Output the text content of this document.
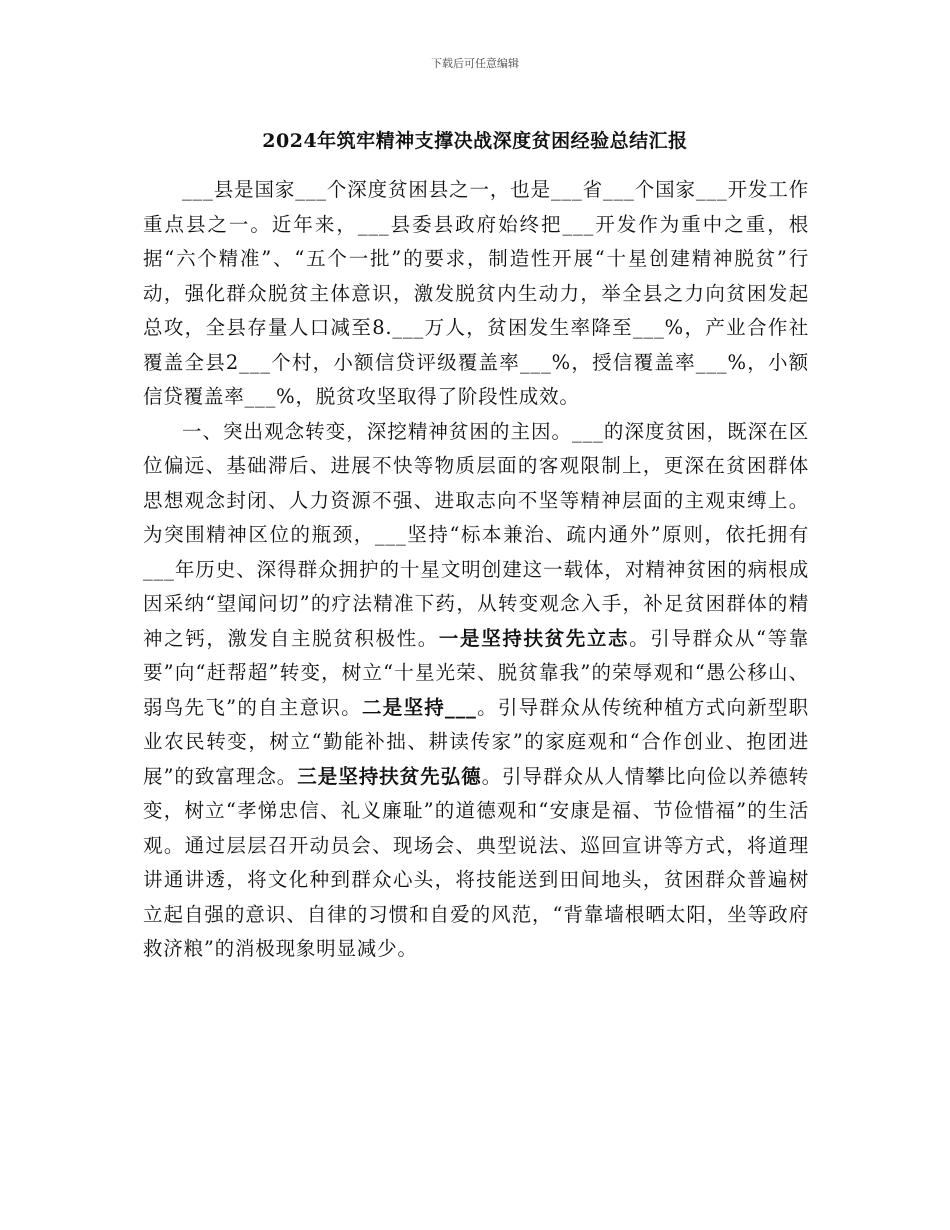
下载后可任意编辑
2024年筑牢精神支撑决战深度贫困经验总结汇报

___县是国家___个深度贫困县之一，也是___省___个国家___开发工作重点县之一。近年来，___县委县政府始终把___开发作为重中之重，根据“六个精准”、“五个一批”的要求，制造性开展“十星创建精神脱贫”行动，强化群众脱贫主体意识，激发脱贫内生动力，举全县之力向贫困发起总攻，全县存量人口减至8.___万人，贫困发生率降至___%，产业合作社覆盖全县2___个村，小额信贷评级覆盖率___%，授信覆盖率___%，小额信贷覆盖率___%，脱贫攻坚取得了阶段性成效。

一、突出观念转变，深挖精神贫困的主因。___的深度贫困，既深在区位偏远、基础滞后、进展不快等物质层面的客观限制上，更深在贫困群体思想观念封闭、人力资源不强、进取志向不坚等精神层面的主观束缚上。为突围精神区位的瓶颈，___坚持“标本兼治、疏内通外”原则，依托拥有___年历史、深得群众拥护的十星文明创建这一载体，对精神贫困的病根成因采纳“望闻问切”的疗法精准下药，从转变观念入手，补足贫困群体的精神之钙，激发自主脱贫积极性。一是坚持扶贫先立志。引导群众从“等靠要”向“赶帮超”转变，树立“十星光荣、脱贫靠我”的荣辱观和“愚公移山、弱鸟先飞”的自主意识。二是坚持___。引导群众从传统种植方式向新型职业农民转变，树立“勤能补拙、耕读传家”的家庭观和“合作创业、抱团进展”的致富理念。三是坚持扶贫先弘德。引导群众从人情攀比向俭以养德转变，树立“孝悌忠信、礼义廉耻”的道德观和“安康是福、节俭惜福”的生活观。通过层层召开动员会、现场会、典型说法、巡回宣讲等方式，将道理讲通讲透，将文化种到群众心头，将技能送到田间地头，贫困群众普遍树立起自强的意识、自律的习惯和自爱的风范，“背靠墙根晒太阳，坐等政府救济粮”的消极现象明显减少。
